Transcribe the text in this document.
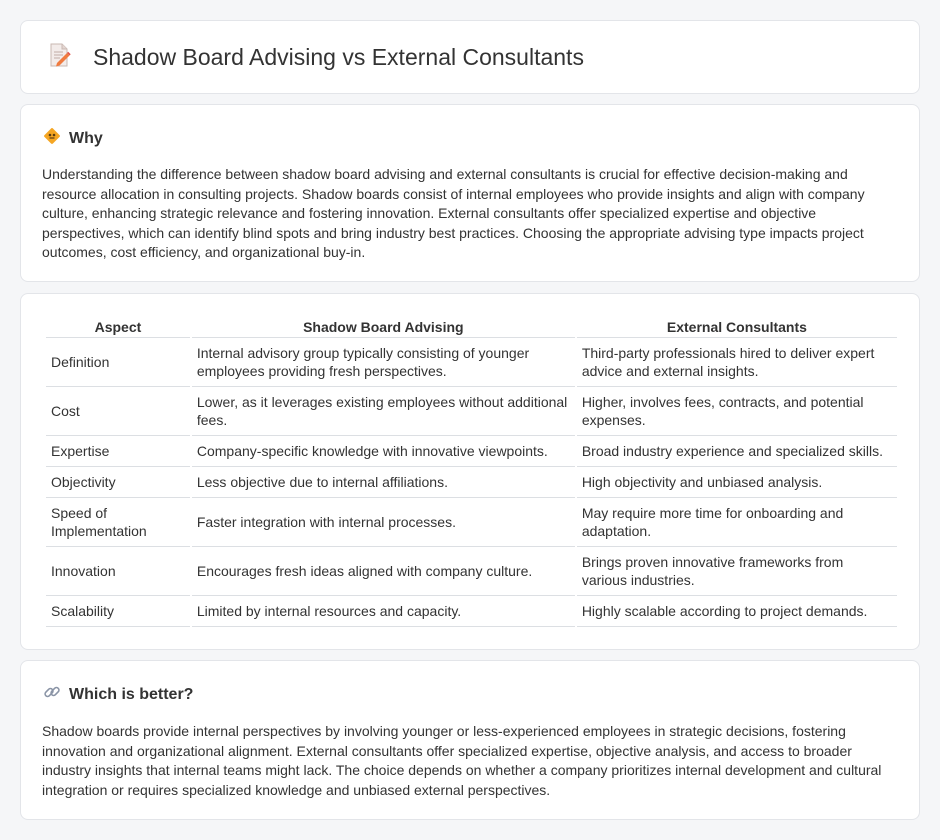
Shadow Board Advising vs External Consultants
Why

Understanding the difference between shadow board advising and external consultants is crucial for effective decision-making and resource allocation in consulting projects. Shadow boards consist of internal employees who provide insights and align with company culture, enhancing strategic relevance and fostering innovation. External consultants offer specialized expertise and objective perspectives, which can identify blind spots and bring industry best practices. Choosing the appropriate advising type impacts project outcomes, cost efficiency, and organizational buy-in.

Aspect	Shadow Board Advising	External Consultants
Definition	Internal advisory group typically consisting of younger employees providing fresh perspectives.	Third-party professionals hired to deliver expert advice and external insights.
Cost	Lower, as it leverages existing employees without additional fees.	Higher, involves fees, contracts, and potential expenses.
Expertise	Company-specific knowledge with innovative viewpoints.	Broad industry experience and specialized skills.
Objectivity	Less objective due to internal affiliations.	High objectivity and unbiased analysis.
Speed of Implementation	Faster integration with internal processes.	May require more time for onboarding and adaptation.
Innovation	Encourages fresh ideas aligned with company culture.	Brings proven innovative frameworks from various industries.
Scalability	Limited by internal resources and capacity.	Highly scalable according to project demands.
Which is better?

Shadow boards provide internal perspectives by involving younger or less-experienced employees in strategic decisions, fostering innovation and organizational alignment. External consultants offer specialized expertise, objective analysis, and access to broader industry insights that internal teams might lack. The choice depends on whether a company prioritizes internal development and cultural integration or requires specialized knowledge and unbiased external perspectives.
